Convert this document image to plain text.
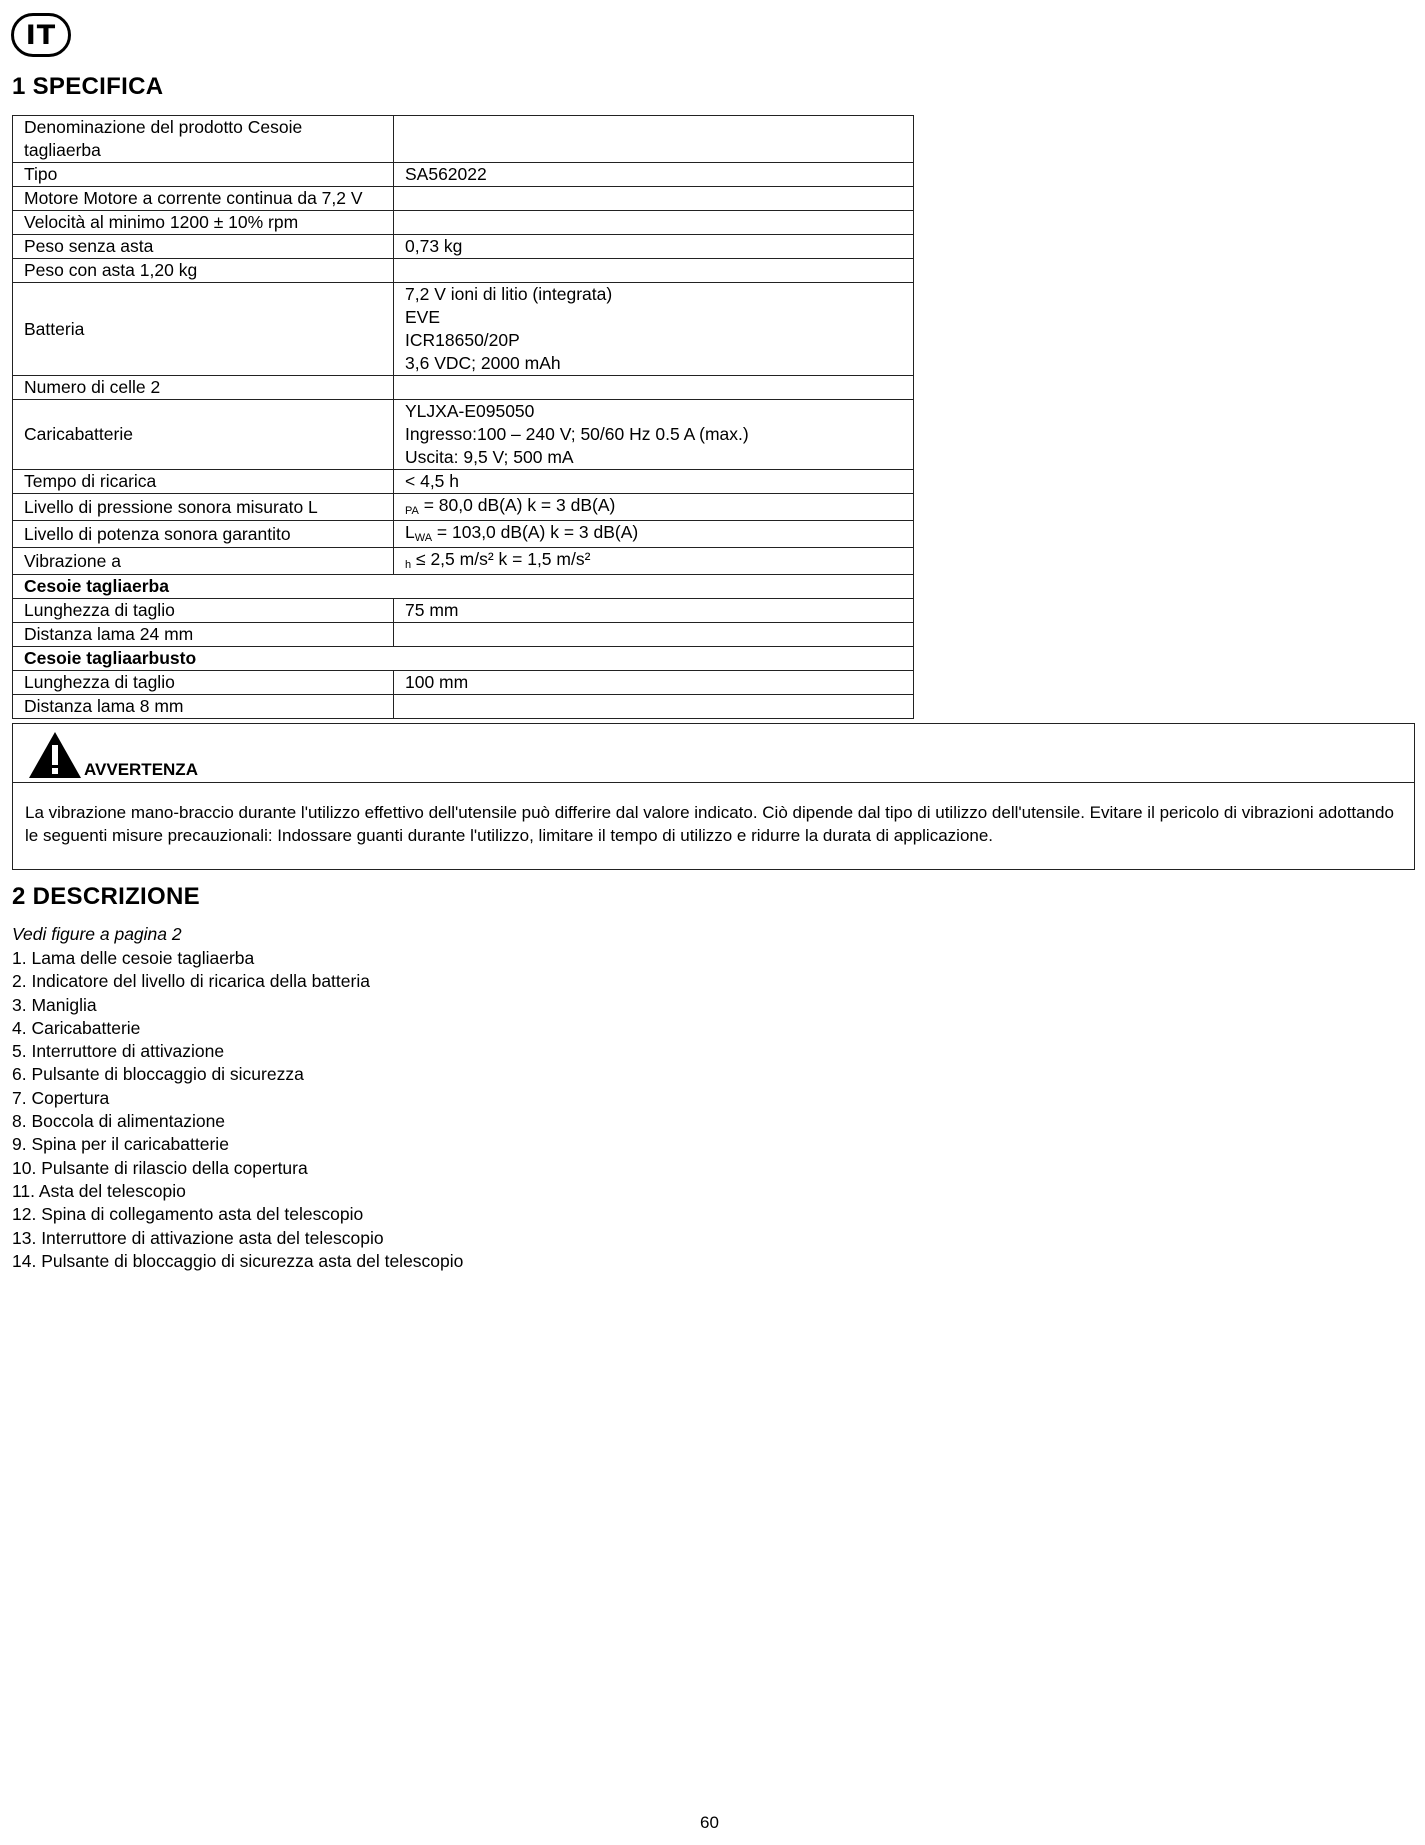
IT
1 SPECIFICA
Denominazione del prodotto Cesoie tagliaerba	
Tipo	SA562022
Motore Motore a corrente continua da 7,2 V	
Velocità al minimo 1200 ± 10% rpm	
Peso senza asta	0,73 kg
Peso con asta 1,20 kg	
Batteria	7,2 V ioni di litio (integrata)
EVE
ICR18650/20P
3,6 VDC; 2000 mAh

Numero di celle 2	
Caricabatterie	YLJXA-E095050
Ingresso:100 – 240 V; 50/60 Hz 0.5 A (max.)
Uscita: 9,5 V; 500 mA

Tempo di ricarica	< 4,5 h
Livello di pressione sonora misurato L	PA = 80,0 dB(A) k = 3 dB(A)
Livello di potenza sonora garantito	LWA = 103,0 dB(A) k = 3 dB(A)
Vibrazione a	h ≤ 2,5 m/s² k = 1,5 m/s²
Cesoie tagliaerba	
Lunghezza di taglio	75 mm
Distanza lama 24 mm	
Cesoie tagliaarbusto	
Lunghezza di taglio	100 mm
Distanza lama 8 mm	
AVVERTENZA
La vibrazione mano-braccio durante l'utilizzo effettivo dell'utensile può differire dal valore indicato. Ciò dipende dal tipo di utilizzo dell'utensile. Evitare il pericolo di vibrazioni adottando le seguenti misure precauzionali: Indossare guanti durante l'utilizzo, limitare il tempo di utilizzo e ridurre la durata di applicazione.
2 DESCRIZIONE
Vedi figure a pagina 2
1. Lama delle cesoie tagliaerba
2. Indicatore del livello di ricarica della batteria
3. Maniglia
4. Caricabatterie
5. Interruttore di attivazione
6. Pulsante di bloccaggio di sicurezza
7. Copertura
8. Boccola di alimentazione
9. Spina per il caricabatterie
10. Pulsante di rilascio della copertura
11. Asta del telescopio
12. Spina di collegamento asta del telescopio
13. Interruttore di attivazione asta del telescopio
14. Pulsante di bloccaggio di sicurezza asta del telescopio
60
